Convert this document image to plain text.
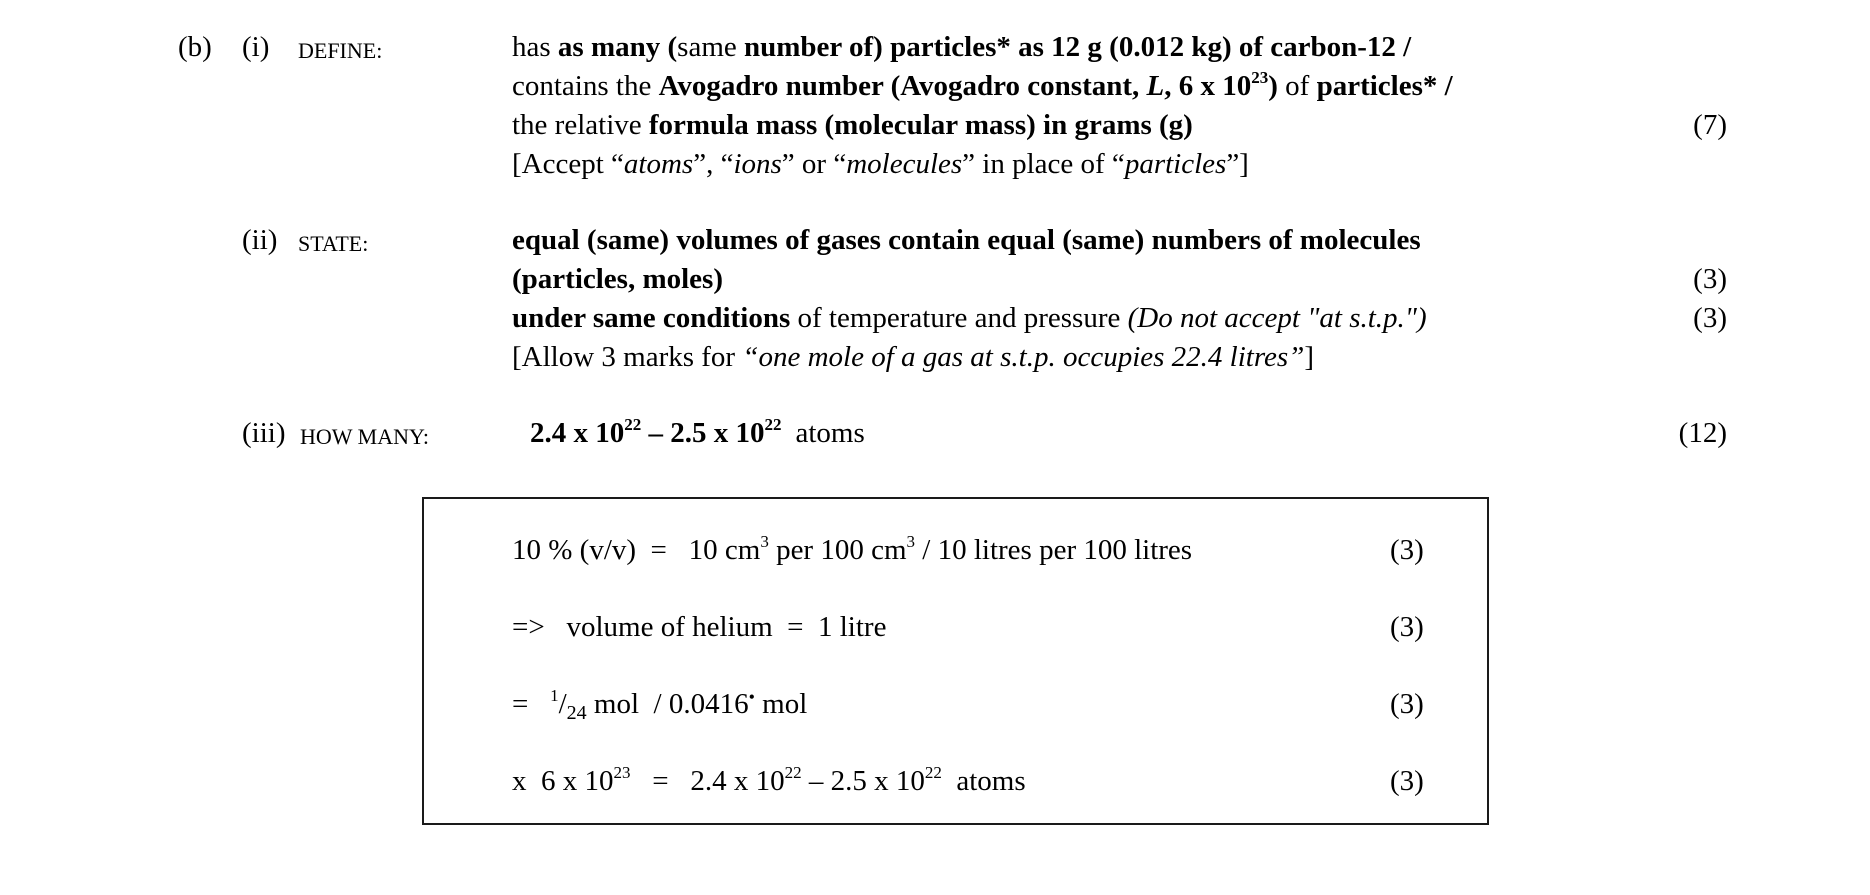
(b) (i) DEFINE:	has as many (same number of) particles* as 12 g (0.012 kg) of carbon-12 /
contains the Avogadro number (Avogadro constant, L, 6 x $10^{23}$) of particles* /
the relative formula mass (molecular mass) in grams (g)	(7)
[Accept “atoms”, “ions” or “molecules” in place of “particles”]
(ii) STATE:	equal (same) volumes of gases contain equal (same) numbers of molecules
(particles, moles)	(3)
under same conditions of temperature and pressure (Do not accept "at s.t.p.")	(3)
[Allow 3 marks for “one mole of a gas at s.t.p. occupies 22.4 litres”]
(iii) HOW MANY:	2.4 x $10^{22} - 2.5$ x $10^{22}$ atoms	(12)
10 % (v/v)  =   10 $cm^3$ per 100 $cm^3 / 10$ litres per 100 litres	(3)
=>   volume of helium  =  1 litre	(3)
=   $^1/_{24}$ mol  / 0.0416• mol	(3)
x  6 x $10^{23} = 2.4$ x $10^{22} - 2.5$ x $10^{22}$  atoms	(3)
